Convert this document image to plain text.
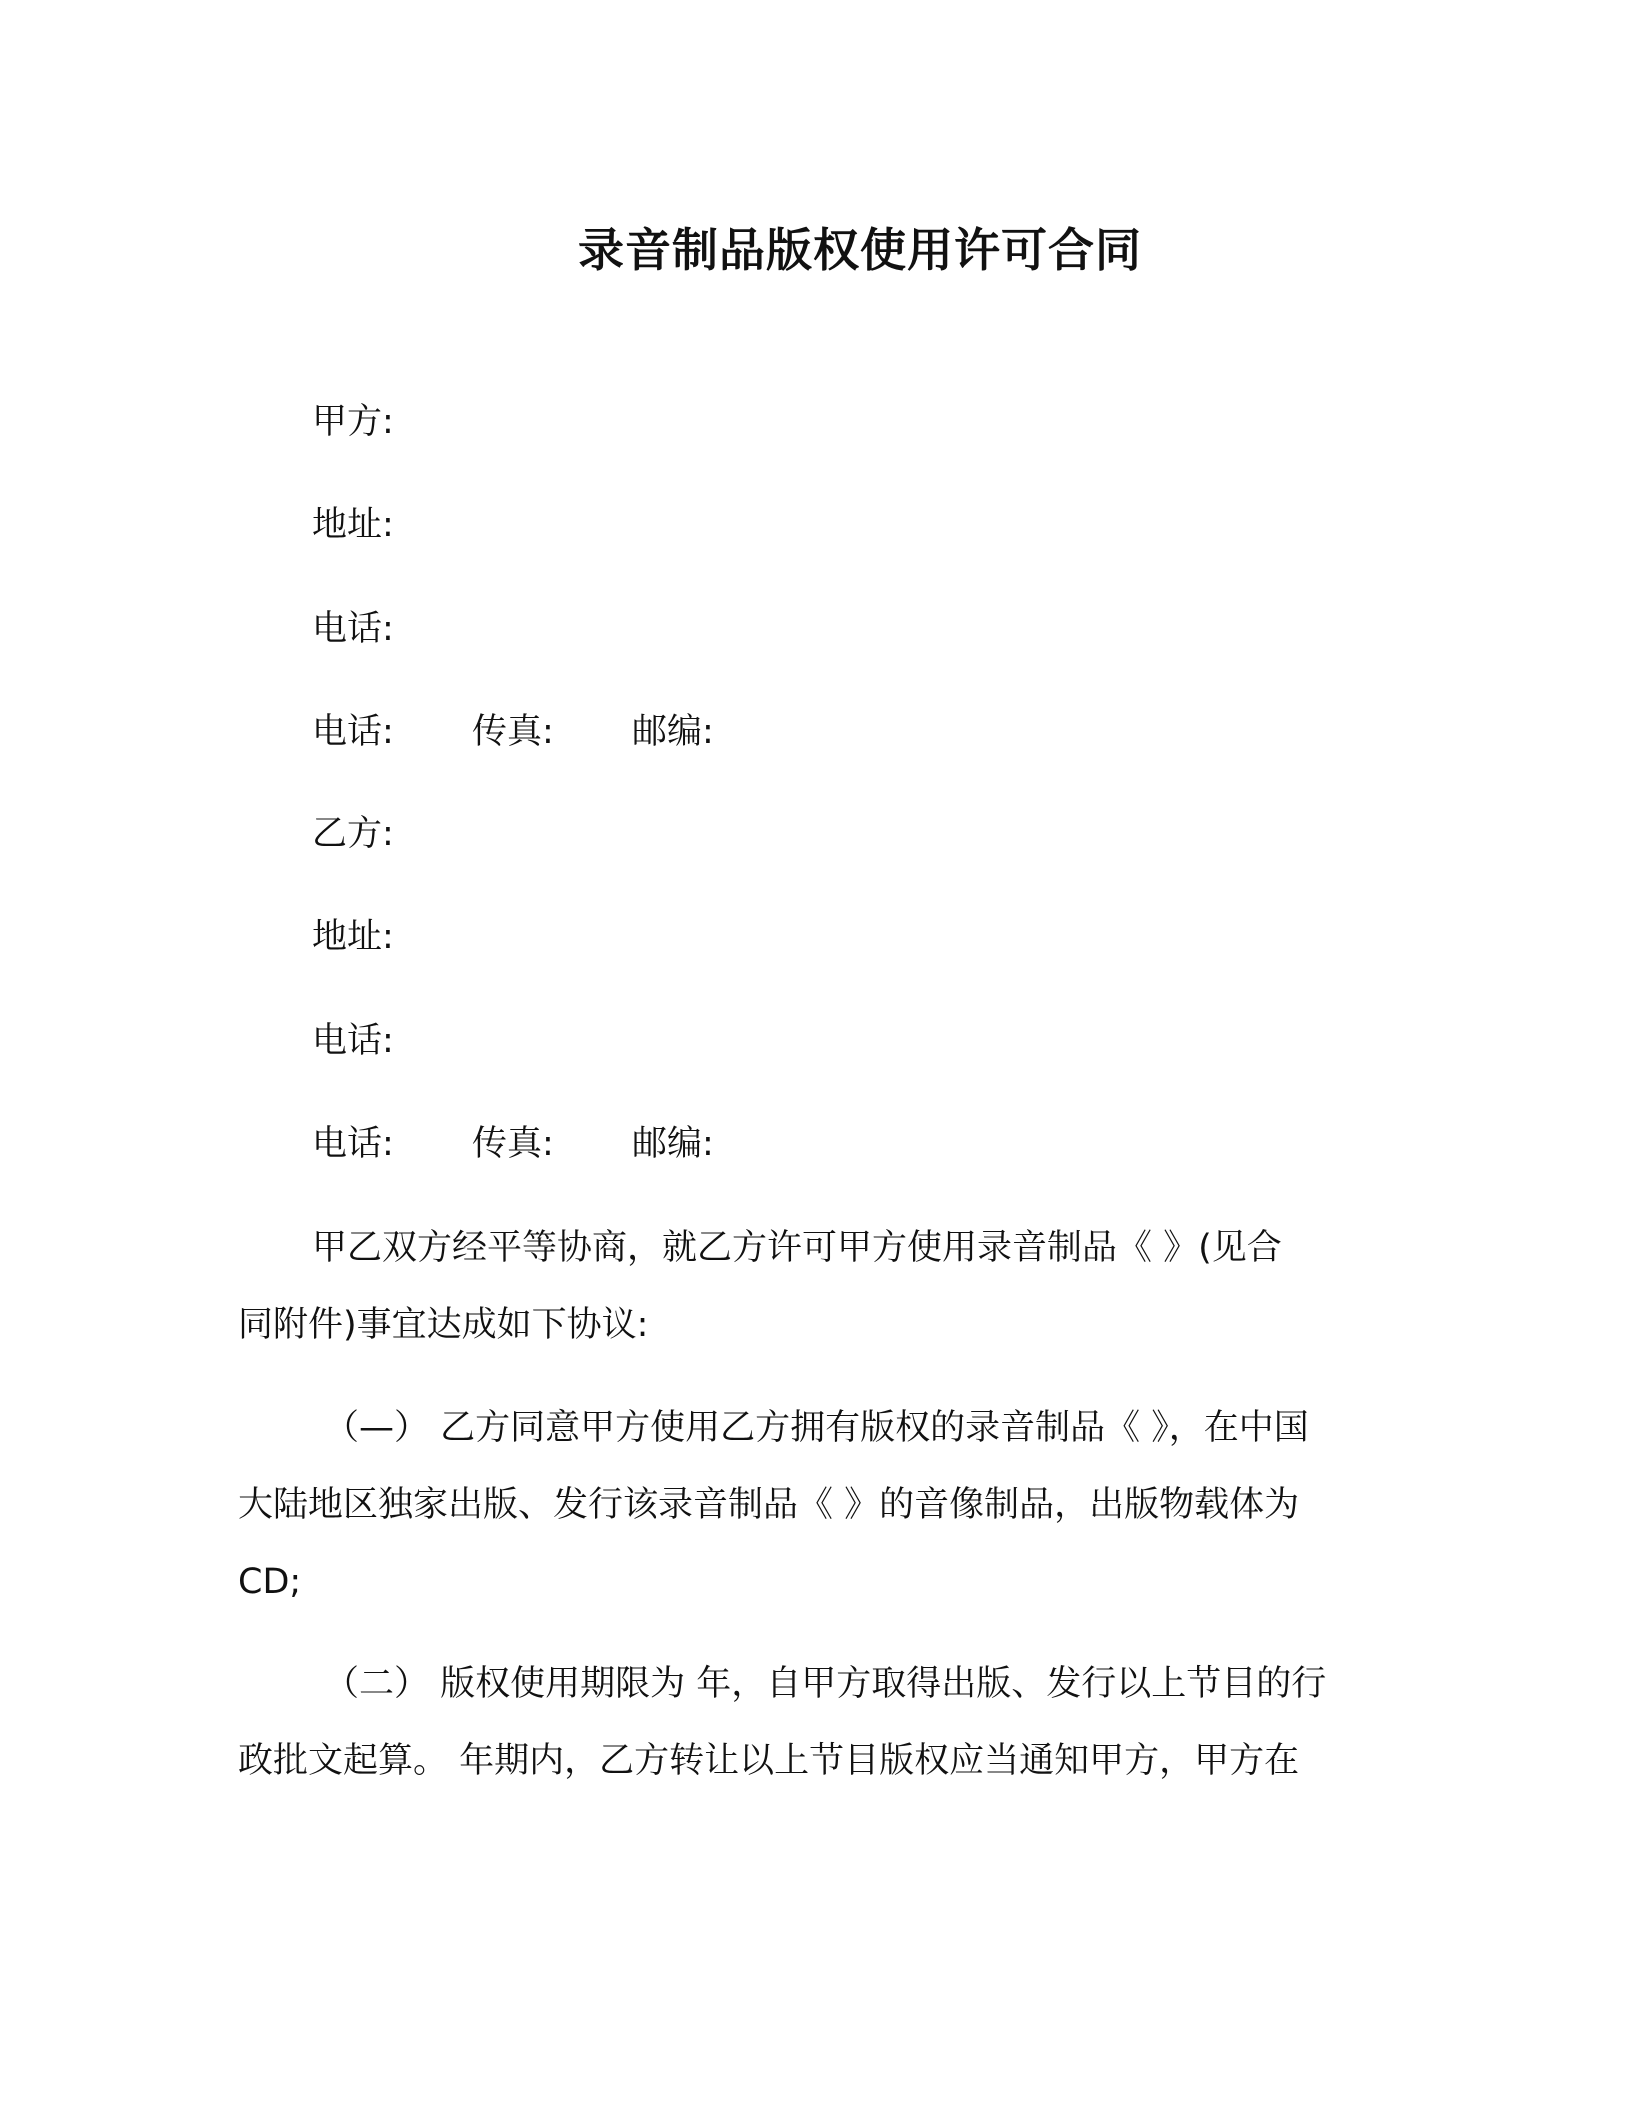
录音制品版权使用许可合同
甲方:
地址:
电话:
电话: 传真: 邮编:
乙方:
地址:
电话:
电话: 传真: 邮编:
甲乙双方经平等协商，就乙方许可甲方使用录音制品《 》(见合
同附件)事宜达成如下协议:
（—） 乙方同意甲方使用乙方拥有版权的录音制品《 》，在中国
大陆地区独家出版、发行该录音制品《 》的音像制品，出版物载体为
CD;
（二） 版权使用期限为 年，自甲方取得出版、发行以上节目的行
政批文起算。 年期内，乙方转让以上节目版权应当通知甲方，甲方在
